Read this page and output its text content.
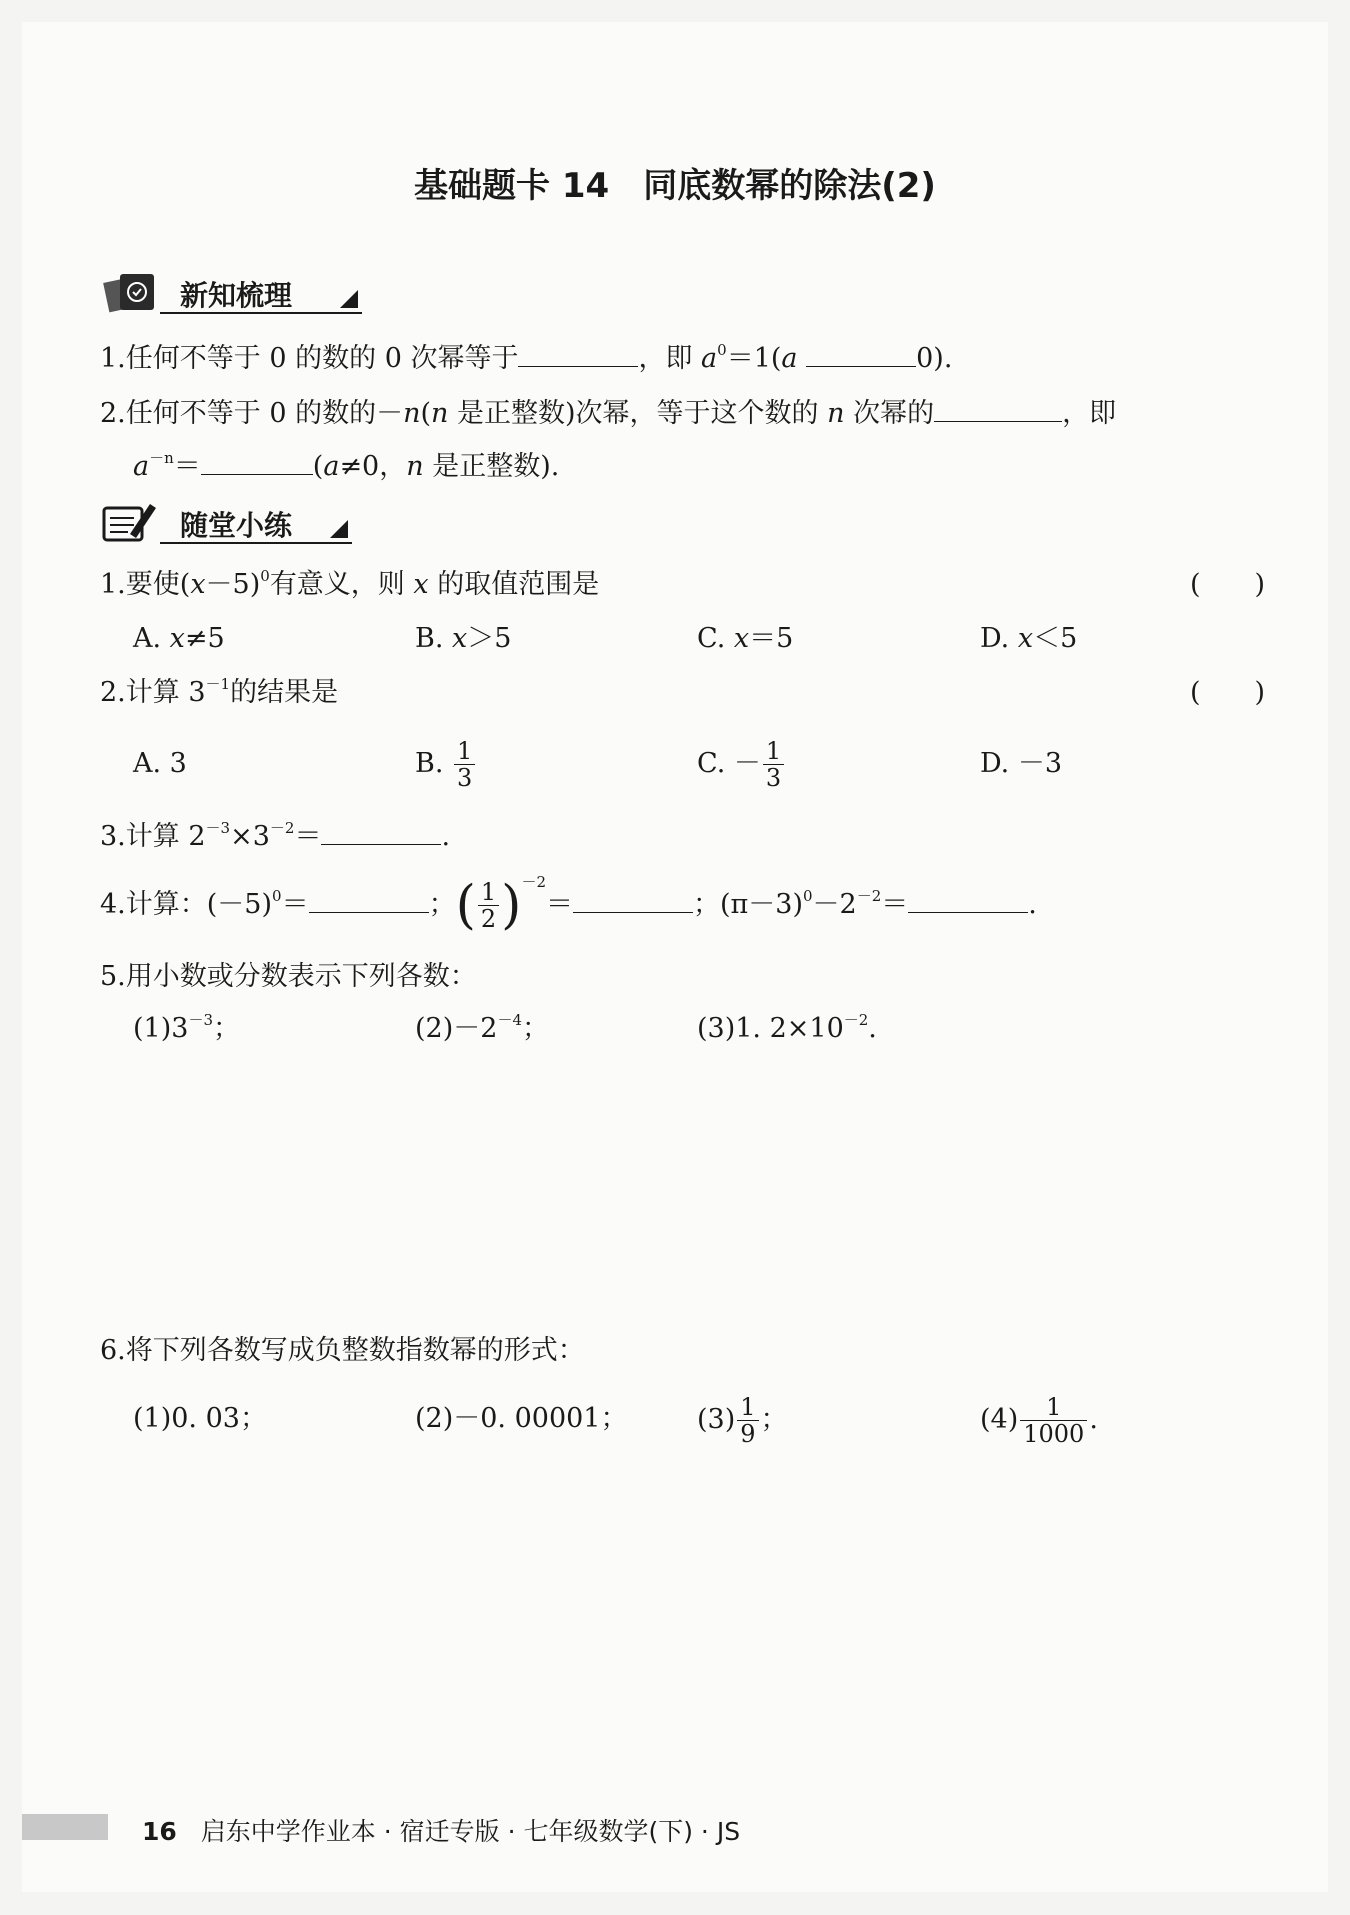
基础题卡 14　同底数幂的除法(2)
新知梳理
1.任何不等于 0 的数的 0 次幂等于	，即 $a^0=1(a$	0).
2.任何不等于 0 的数的－n(n 是正整数)次幂，等于这个数的 n 次幂的	，即
$a^{-n}=$	(a≠0，n 是正整数).
随堂小练
1.要使$(x-5)^0$有意义，则 x 的取值范围是	(　　)
A. x≠5	B. x＞5	C. x＝5	D. x＜5
2.计算 $3^{-1}$的结果是	(　　)
A. 3	B. $\frac{1}{3}$	C. － $\frac{1}{3}$	D. －3
3.计算 $2^{-3}\times 3^{-2}=$	.
4.计算：$(-5)^0=$	；( $\frac{1}{2} )^{-2}=$	；$(\pi-3)^0-2^{-2}=$	.
5.用小数或分数表示下列各数：
$(1)3^{-3}$；	$(2)-2^{-4}$；	(3)1. $2\times 10^{-2}$.
6.将下列各数写成负整数指数幂的形式：
(1)0. 03；	(2)－0. 00001；	$(3) \frac{1}{9}$ ；	$(4) \frac{1}{1000}$ .
16 启东中学作业本 · 宿迁专版 · 七年级数学(下) · JS
